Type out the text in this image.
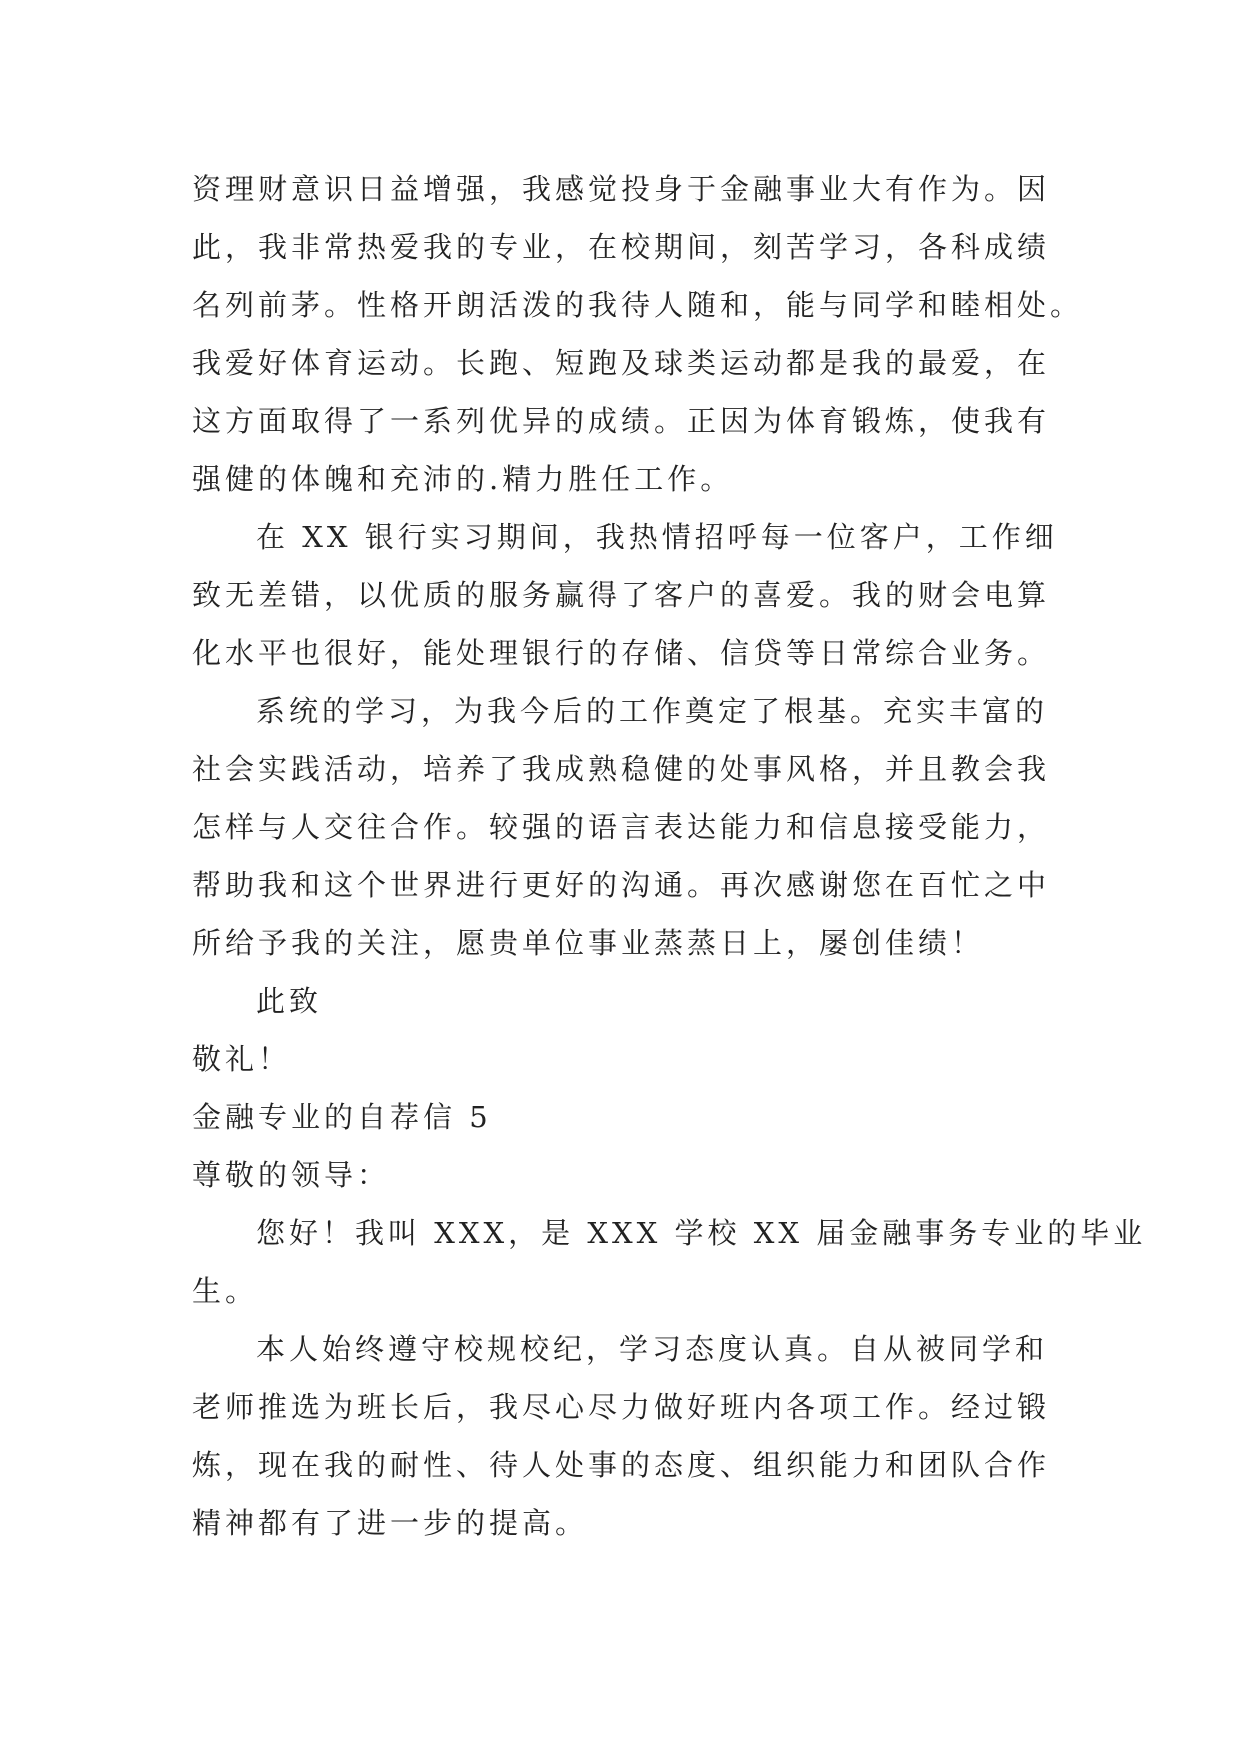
资理财意识日益增强，我感觉投身于金融事业大有作为。因
此，我非常热爱我的专业，在校期间，刻苦学习，各科成绩
名列前茅。性格开朗活泼的我待人随和，能与同学和睦相处。
我爱好体育运动。长跑、短跑及球类运动都是我的最爱，在
这方面取得了一系列优异的成绩。正因为体育锻炼，使我有
强健的体魄和充沛的.精力胜任工作。
在 XX 银行实习期间，我热情招呼每一位客户，工作细
致无差错，以优质的服务赢得了客户的喜爱。我的财会电算
化水平也很好，能处理银行的存储、信贷等日常综合业务。
系统的学习，为我今后的工作奠定了根基。充实丰富的
社会实践活动，培养了我成熟稳健的处事风格，并且教会我
怎样与人交往合作。较强的语言表达能力和信息接受能力，
帮助我和这个世界进行更好的沟通。再次感谢您在百忙之中
所给予我的关注，愿贵单位事业蒸蒸日上，屡创佳绩！
此致
敬礼！
金融专业的自荐信 5
尊敬的领导：
您好！我叫 XXX，是 XXX 学校 XX 届金融事务专业的毕业
生。
本人始终遵守校规校纪，学习态度认真。自从被同学和
老师推选为班长后，我尽心尽力做好班内各项工作。经过锻
炼，现在我的耐性、待人处事的态度、组织能力和团队合作
精神都有了进一步的提高。
